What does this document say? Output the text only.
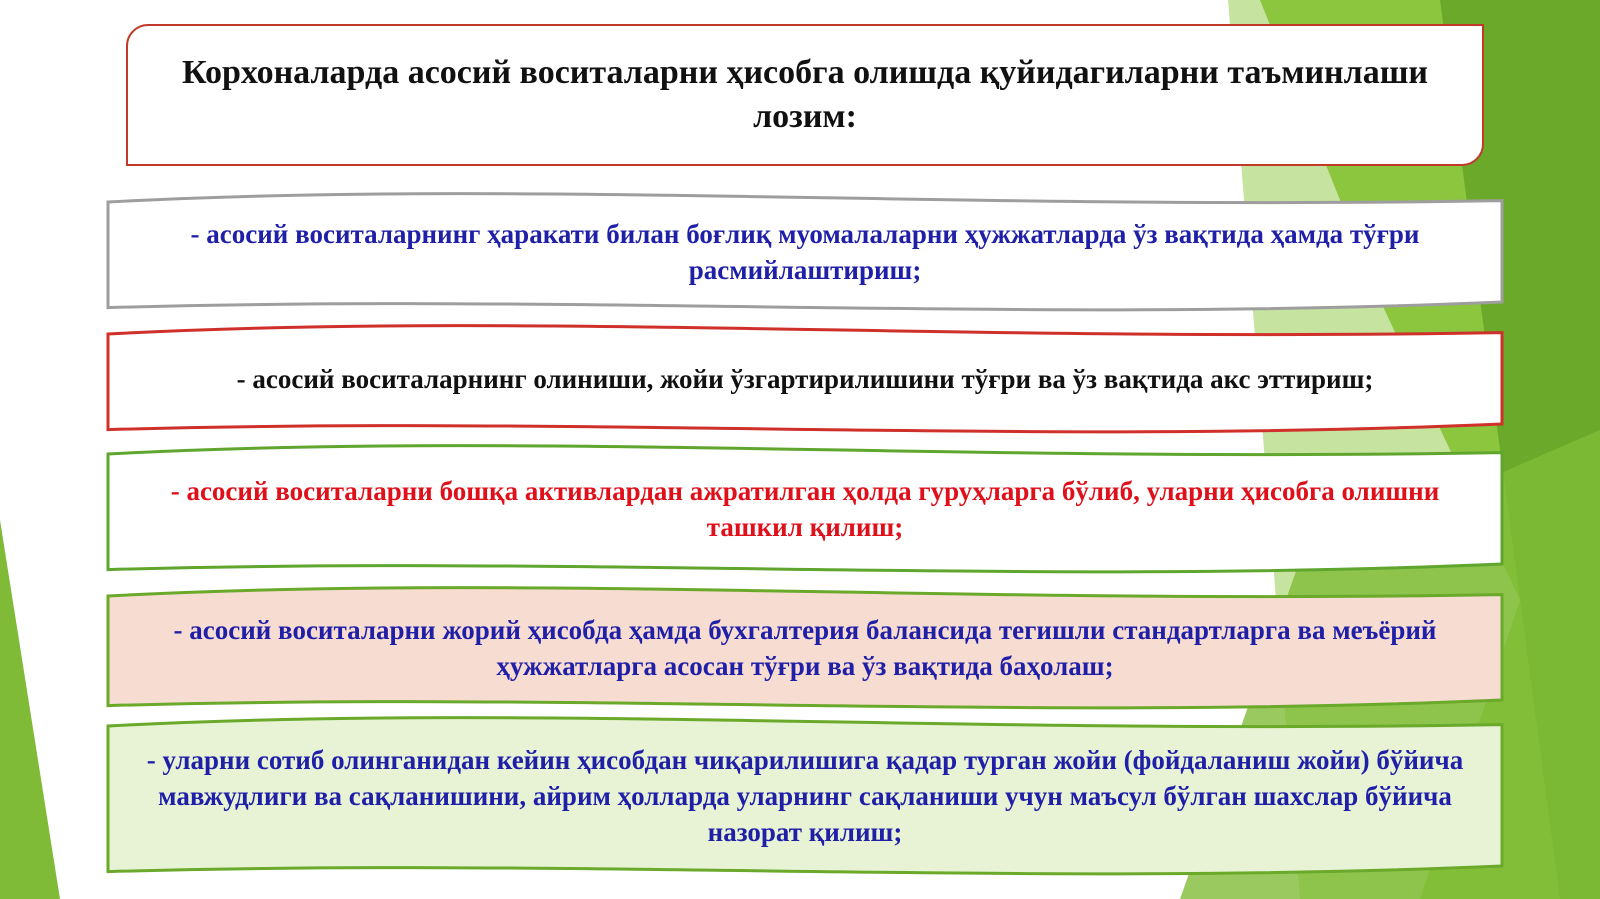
Корхоналарда асосий воситаларни ҳисобга олишда қуйидагиларни таъминлаши лозим:
- асосий воситаларнинг ҳаракати билан боғлиқ муомалаларни ҳужжатларда ўз вақтида ҳамда тўғри расмийлаштириш;
- асосий воситаларнинг олиниши, жойи ўзгартирилишини тўғри ва ўз вақтида акс эттириш;
- асосий воситаларни бошқа активлардан ажратилган ҳолда гуруҳларга бўлиб, уларни ҳисобга олишни ташкил қилиш;
- асосий воситаларни жорий ҳисобда ҳамда бухгалтерия балансида тегишли стандартларга ва меъёрий ҳужжатларга асосан тўғри ва ўз вақтида баҳолаш;
- уларни сотиб олинганидан кейин ҳисобдан чиқарилишига қадар турган жойи (фойдаланиш жойи) бўйича мавжудлиги ва сақланишини, айрим ҳолларда уларнинг сақланиши учун маъсул бўлган шахслар бўйича назорат қилиш;
